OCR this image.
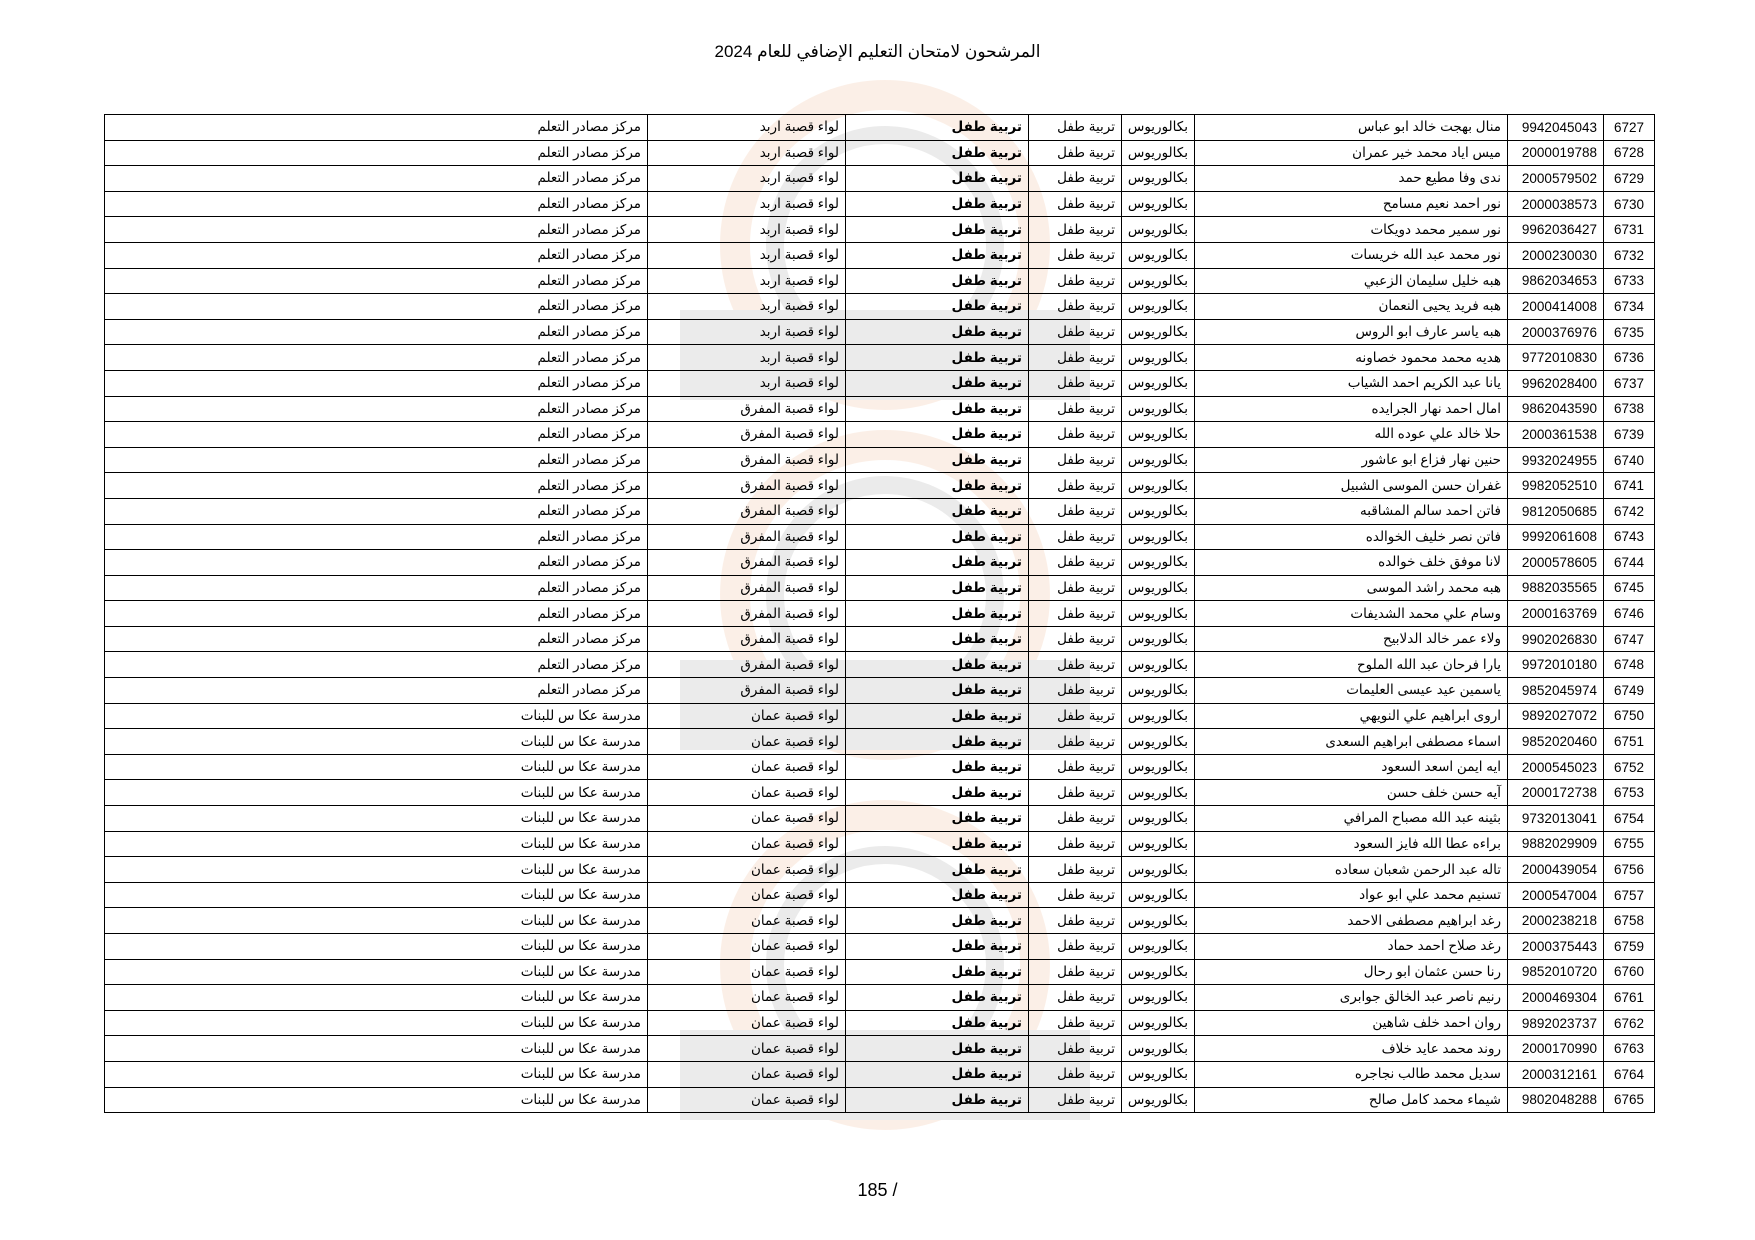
المرشحون لامتحان التعليم الإضافي للعام 2024
6727	9942045043	منال بهجت خالد ابو عباس	بكالوريوس	تربية طفل	تربية طفل	لواء قصبة اربد	مركز مصادر التعلم
6728	2000019788	ميس اياد محمد خير عمران	بكالوريوس	تربية طفل	تربية طفل	لواء قصبة اربد	مركز مصادر التعلم
6729	2000579502	ندى وفا مطيع حمد	بكالوريوس	تربية طفل	تربية طفل	لواء قصبة اربد	مركز مصادر التعلم
6730	2000038573	نور احمد نعيم مسامح	بكالوريوس	تربية طفل	تربية طفل	لواء قصبة اربد	مركز مصادر التعلم
6731	9962036427	نور سمير محمد دويكات	بكالوريوس	تربية طفل	تربية طفل	لواء قصبة اربد	مركز مصادر التعلم
6732	2000230030	نور محمد عبد الله خريسات	بكالوريوس	تربية طفل	تربية طفل	لواء قصبة اربد	مركز مصادر التعلم
6733	9862034653	هبه خليل سليمان الزعبي	بكالوريوس	تربية طفل	تربية طفل	لواء قصبة اربد	مركز مصادر التعلم
6734	2000414008	هبه فريد يحيى النعمان	بكالوريوس	تربية طفل	تربية طفل	لواء قصبة اربد	مركز مصادر التعلم
6735	2000376976	هبه ياسر عارف ابو الروس	بكالوريوس	تربية طفل	تربية طفل	لواء قصبة اربد	مركز مصادر التعلم
6736	9772010830	هديه محمد محمود خصاونه	بكالوريوس	تربية طفل	تربية طفل	لواء قصبة اربد	مركز مصادر التعلم
6737	9962028400	يانا عبد الكريم احمد الشياب	بكالوريوس	تربية طفل	تربية طفل	لواء قصبة اربد	مركز مصادر التعلم
6738	9862043590	امال احمد نهار الجرايده	بكالوريوس	تربية طفل	تربية طفل	لواء قصبة المفرق	مركز مصادر التعلم
6739	2000361538	حلا خالد علي عوده الله	بكالوريوس	تربية طفل	تربية طفل	لواء قصبة المفرق	مركز مصادر التعلم
6740	9932024955	حنين نهار فزاع ابو عاشور	بكالوريوس	تربية طفل	تربية طفل	لواء قصبة المفرق	مركز مصادر التعلم
6741	9982052510	غفران حسن الموسى الشبيل	بكالوريوس	تربية طفل	تربية طفل	لواء قصبة المفرق	مركز مصادر التعلم
6742	9812050685	فاتن احمد سالم المشاقبه	بكالوريوس	تربية طفل	تربية طفل	لواء قصبة المفرق	مركز مصادر التعلم
6743	9992061608	فاتن نصر خليف الخوالده	بكالوريوس	تربية طفل	تربية طفل	لواء قصبة المفرق	مركز مصادر التعلم
6744	2000578605	لانا موفق خلف خوالده	بكالوريوس	تربية طفل	تربية طفل	لواء قصبة المفرق	مركز مصادر التعلم
6745	9882035565	هبه محمد راشد الموسى	بكالوريوس	تربية طفل	تربية طفل	لواء قصبة المفرق	مركز مصادر التعلم
6746	2000163769	وسام علي محمد الشديفات	بكالوريوس	تربية طفل	تربية طفل	لواء قصبة المفرق	مركز مصادر التعلم
6747	9902026830	ولاء عمر خالد الدلابيح	بكالوريوس	تربية طفل	تربية طفل	لواء قصبة المفرق	مركز مصادر التعلم
6748	9972010180	يارا فرحان عبد الله الملوح	بكالوريوس	تربية طفل	تربية طفل	لواء قصبة المفرق	مركز مصادر التعلم
6749	9852045974	ياسمين عيد عيسى العليمات	بكالوريوس	تربية طفل	تربية طفل	لواء قصبة المفرق	مركز مصادر التعلم
6750	9892027072	اروى ابراهيم علي النويهي	بكالوريوس	تربية طفل	تربية طفل	لواء قصبة عمان	مدرسة عكا س للبنات
6751	9852020460	اسماء مصطفى ابراهيم السعدى	بكالوريوس	تربية طفل	تربية طفل	لواء قصبة عمان	مدرسة عكا س للبنات
6752	2000545023	ايه ايمن اسعد السعود	بكالوريوس	تربية طفل	تربية طفل	لواء قصبة عمان	مدرسة عكا س للبنات
6753	2000172738	آيه حسن خلف حسن	بكالوريوس	تربية طفل	تربية طفل	لواء قصبة عمان	مدرسة عكا س للبنات
6754	9732013041	بثينه عبد الله مصباح المرافي	بكالوريوس	تربية طفل	تربية طفل	لواء قصبة عمان	مدرسة عكا س للبنات
6755	9882029909	براءه عطا الله فايز السعود	بكالوريوس	تربية طفل	تربية طفل	لواء قصبة عمان	مدرسة عكا س للبنات
6756	2000439054	تاله عبد الرحمن شعبان سعاده	بكالوريوس	تربية طفل	تربية طفل	لواء قصبة عمان	مدرسة عكا س للبنات
6757	2000547004	تسنيم محمد علي ابو عواد	بكالوريوس	تربية طفل	تربية طفل	لواء قصبة عمان	مدرسة عكا س للبنات
6758	2000238218	رغد ابراهيم مصطفى الاحمد	بكالوريوس	تربية طفل	تربية طفل	لواء قصبة عمان	مدرسة عكا س للبنات
6759	2000375443	رغد صلاح احمد حماد	بكالوريوس	تربية طفل	تربية طفل	لواء قصبة عمان	مدرسة عكا س للبنات
6760	9852010720	رنا حسن عثمان ابو رحال	بكالوريوس	تربية طفل	تربية طفل	لواء قصبة عمان	مدرسة عكا س للبنات
6761	2000469304	رنيم ناصر عبد الخالق جوابرى	بكالوريوس	تربية طفل	تربية طفل	لواء قصبة عمان	مدرسة عكا س للبنات
6762	9892023737	روان احمد خلف شاهين	بكالوريوس	تربية طفل	تربية طفل	لواء قصبة عمان	مدرسة عكا س للبنات
6763	2000170990	روند محمد عايد خلاف	بكالوريوس	تربية طفل	تربية طفل	لواء قصبة عمان	مدرسة عكا س للبنات
6764	2000312161	سديل محمد طالب نجاجره	بكالوريوس	تربية طفل	تربية طفل	لواء قصبة عمان	مدرسة عكا س للبنات
6765	9802048288	شيماء محمد كامل صالح	بكالوريوس	تربية طفل	تربية طفل	لواء قصبة عمان	مدرسة عكا س للبنات
185 /
